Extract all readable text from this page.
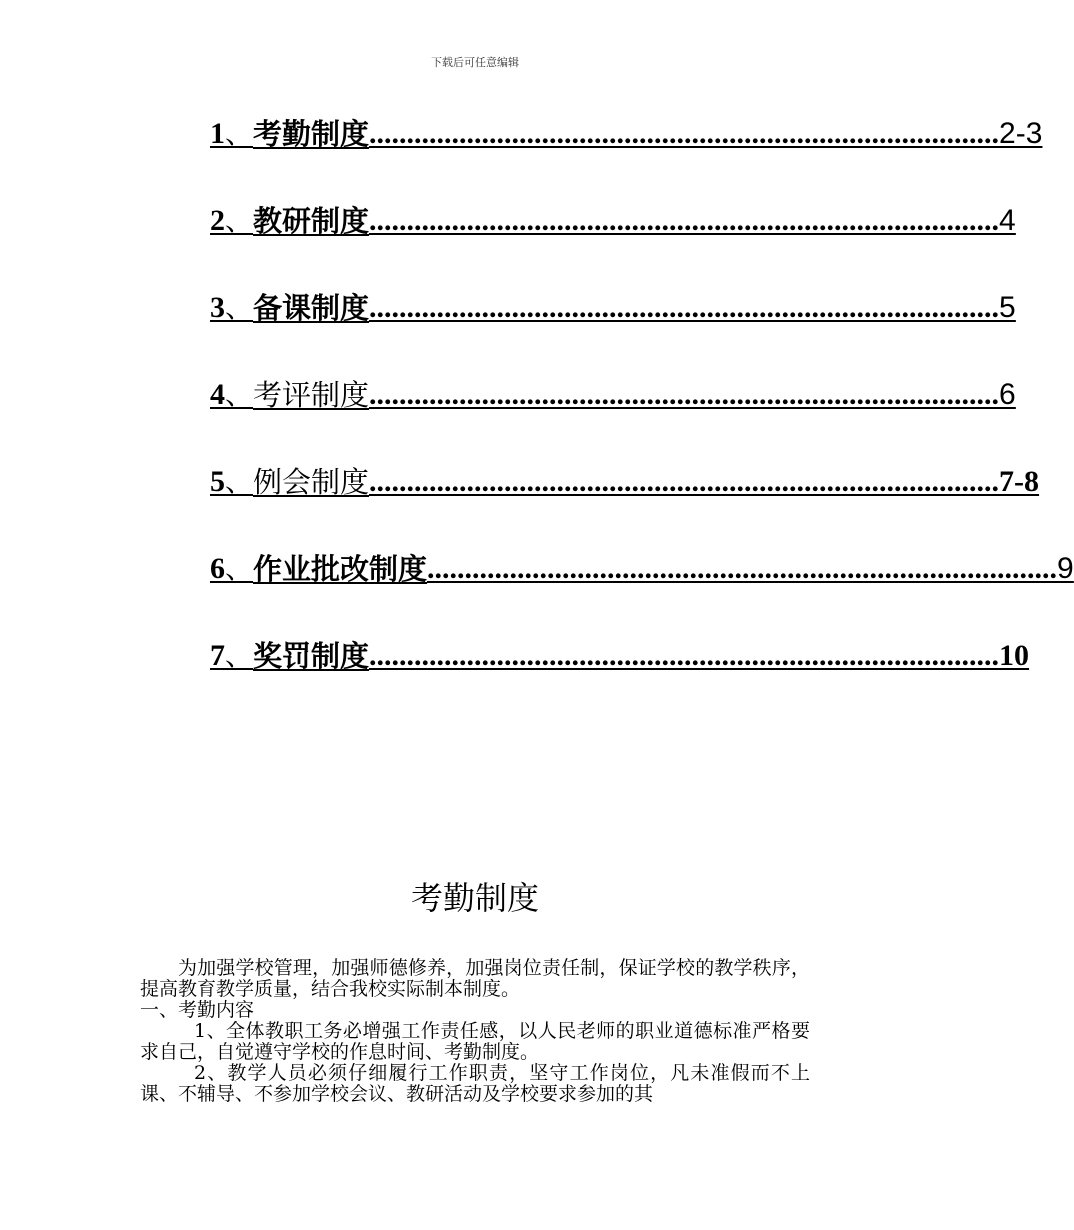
下载后可任意编辑
1 、 考勤制度 .................................................................................... 2-3
2 、 教研制度 .................................................................................... 4
3 、 备课制度 .................................................................................... 5
4 、 考评制度 .................................................................................... 6
5 、 例会制度 .................................................................................... 7-8
6 、 作业批改制度 .................................................................................... 9
7 、 奖罚制度 .................................................................................... 10
考勤制度

为加强学校管理，加强师德修养，加强岗位责任制，保证学校的教学秩序，提高教育教学质量，结合我校实际制本制度。

一、考勤内容

1、全体教职工务必增强工作责任感，以人民老师的职业道德标准严格要求自己，自觉遵守学校的作息时间、考勤制度。

2、教学人员必须仔细履行工作职责，坚守工作岗位，凡未准假而不上课、不辅导、不参加学校会议、教研活动及学校要求参加的其
